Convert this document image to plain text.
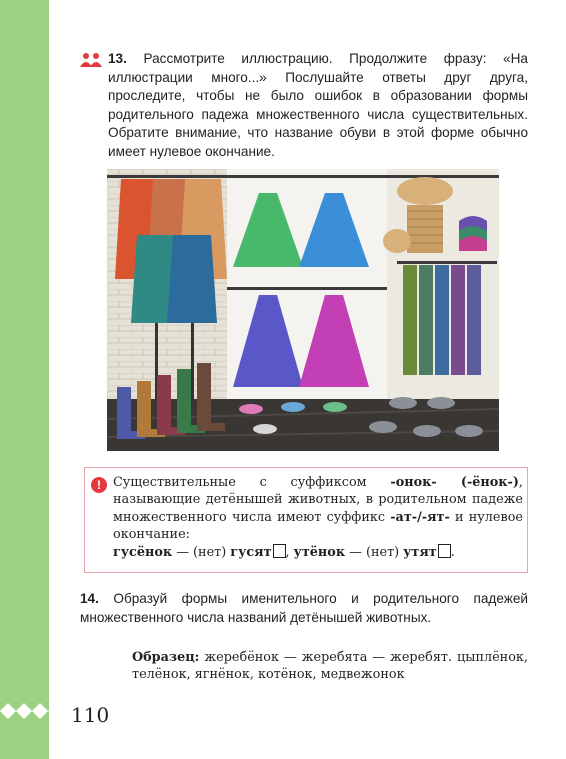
110
13. Рассмотрите иллюстрацию. Продолжите фразу: «На иллюстрации много...» Послушайте ответы друг друга, проследите, чтобы не было ошибок в образовании формы родительного падежа множественного числа существительных. Обратите внимание, что название обуви в этой форме обычно имеет нулевое окончание.
! Существительные с суффиксом -онок- (-ёнок-), называющие детёнышей животных, в родительном падеже множественного числа имеют суффикс -ат-/-ят- и нулевое окончание:
гусёнок — (нет) гусят , утёнок — (нет) утят .
14. Образуй формы именительного и родительного падежей множественного числа названий детёнышей животных.
Образец: жеребёнок — жеребята — жеребят. цыплёнок, телёнок, ягнёнок, котёнок, медвежонок
